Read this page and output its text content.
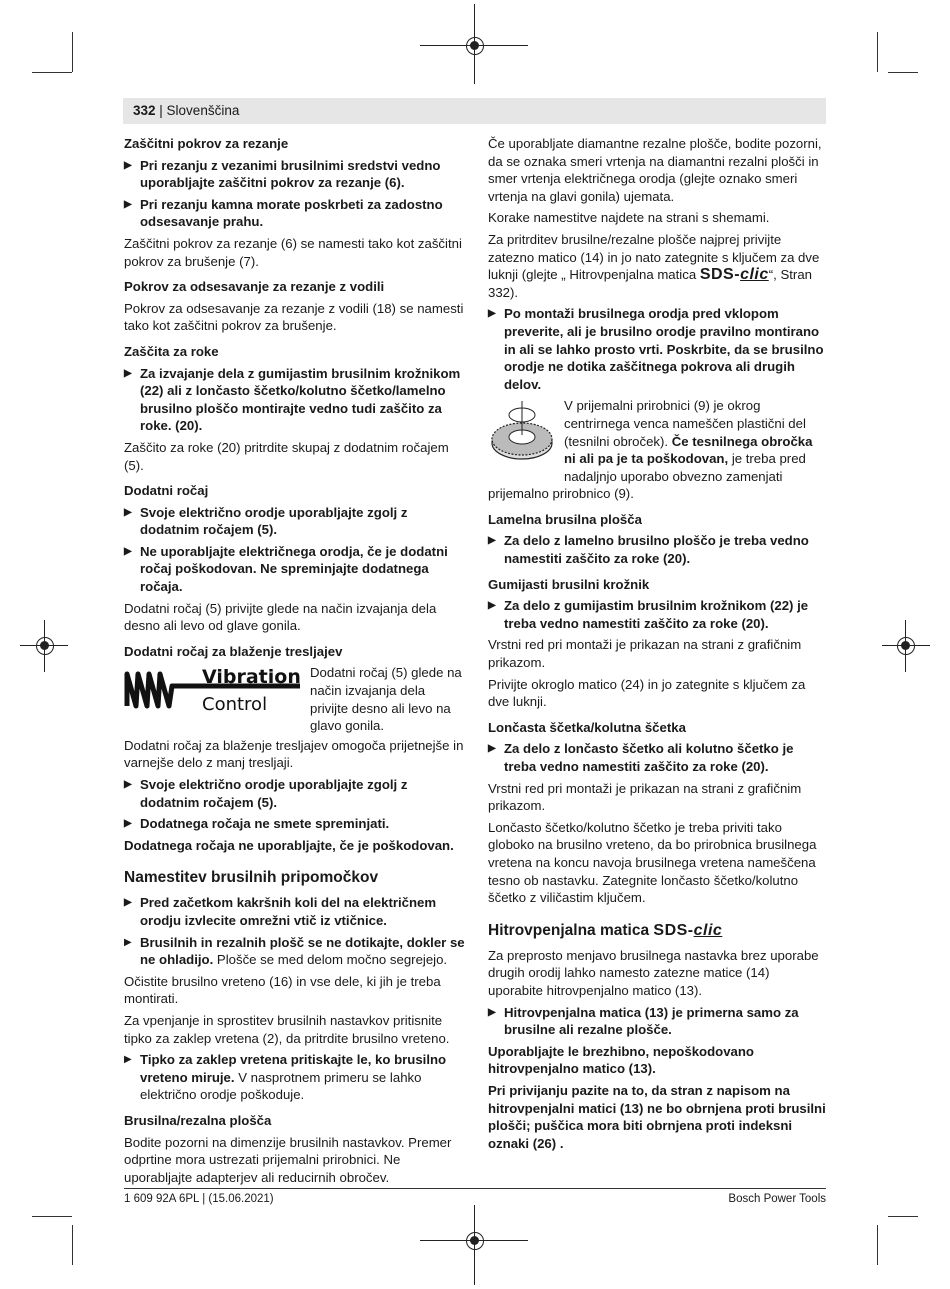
332 | Slovenščina
Zaščitni pokrov za rezanje
▶ Pri rezanju z vezanimi brusilnimi sredstvi vedno uporabljajte zaščitni pokrov za rezanje (6).
▶ Pri rezanju kamna morate poskrbeti za zadostno odsesavanje prahu.
Zaščitni pokrov za rezanje (6) se namesti tako kot zaščitni pokrov za brušenje (7).
Pokrov za odsesavanje za rezanje z vodili
Pokrov za odsesavanje za rezanje z vodili (18) se namesti tako kot zaščitni pokrov za brušenje.
Zaščita za roke
▶ Za izvajanje dela z gumijastim brusilnim krožnikom (22) ali z lončasto ščetko/kolutno ščetko/lamelno brusilno ploščo montirajte vedno tudi zaščito za roke. (20).
Zaščito za roke (20) pritrdite skupaj z dodatnim ročajem (5).
Dodatni ročaj
▶ Svoje električno orodje uporabljajte zgolj z dodatnim ročajem (5).
▶ Ne uporabljajte električnega orodja, če je dodatni ročaj poškodovan. Ne spreminjajte dodatnega ročaja.
Dodatni ročaj (5) privijte glede na način izvajanja dela desno ali levo od glave gonila.
Dodatni ročaj za blaženje tresljajev
Vibration
Control
Dodatni ročaj (5) glede na način izvajanja dela privijte desno ali levo na glavo gonila.
Dodatni ročaj za blaženje tresljajev omogoča prijetnejše in varnejše delo z manj tresljaji.
▶ Svoje električno orodje uporabljajte zgolj z dodatnim ročajem (5).
▶ Dodatnega ročaja ne smete spreminjati.
Dodatnega ročaja ne uporabljajte, če je poškodovan.
Namestitev brusilnih pripomočkov
▶ Pred začetkom kakršnih koli del na električnem orodju izvlecite omrežni vtič iz vtičnice.
▶ Brusilnih in rezalnih plošč se ne dotikajte, dokler se ne ohladijo. Plošče se med delom močno segrejejo.
Očistite brusilno vreteno (16) in vse dele, ki jih je treba montirati.
Za vpenjanje in sprostitev brusilnih nastavkov pritisnite tipko za zaklep vretena (2), da pritrdite brusilno vreteno.
▶ Tipko za zaklep vretena pritiskajte le, ko brusilno vreteno miruje. V nasprotnem primeru se lahko električno orodje poškoduje.
Brusilna/rezalna plošča
Bodite pozorni na dimenzije brusilnih nastavkov. Premer odprtine mora ustrezati prijemalni prirobnici. Ne uporabljajte adapterjev ali reducirnih obročev.
Če uporabljate diamantne rezalne plošče, bodite pozorni, da se oznaka smeri vrtenja na diamantni rezalni plošči in smer vrtenja električnega orodja (glejte oznako smeri vrtenja na glavi gonila) ujemata.
Korake namestitve najdete na strani s shemami.
Za pritrditev brusilne/rezalne plošče najprej privijte zatezno matico (14) in jo nato zategnite s ključem za dve luknji (glejte „ Hitrovpenjalna matica SDS-clic“, Stran 332).
▶ Po montaži brusilnega orodja pred vklopom preverite, ali je brusilno orodje pravilno montirano in ali se lahko prosto vrti. Poskrbite, da se brusilno orodje ne dotika zaščitnega pokrova ali drugih delov.
V prijemalni prirobnici (9) je okrog centrirnega venca nameščen plastični del (tesnilni obroček). Če tesnilnega obročka ni ali pa je ta poškodovan, je treba pred nadaljnjo uporabo obvezno zamenjati prijemalno prirobnico (9).
Lamelna brusilna plošča
▶ Za delo z lamelno brusilno ploščo je treba vedno namestiti zaščito za roke (20).
Gumijasti brusilni krožnik
▶ Za delo z gumijastim brusilnim krožnikom (22) je treba vedno namestiti zaščito za roke (20).
Vrstni red pri montaži je prikazan na strani z grafičnim prikazom.
Privijte okroglo matico (24) in jo zategnite s ključem za dve luknji.
Lončasta ščetka/kolutna ščetka
▶ Za delo z lončasto ščetko ali kolutno ščetko je treba vedno namestiti zaščito za roke (20).
Vrstni red pri montaži je prikazan na strani z grafičnim prikazom.
Lončasto ščetko/kolutno ščetko je treba priviti tako globoko na brusilno vreteno, da bo prirobnica brusilnega vretena na koncu navoja brusilnega vretena nameščena tesno ob nastavku. Zategnite lončasto ščetko/kolutno ščetko z viličastim ključem.
Hitrovpenjalna matica SDS-clic
Za preprosto menjavo brusilnega nastavka brez uporabe drugih orodij lahko namesto zatezne matice (14) uporabite hitrovpenjalno matico (13).
▶ Hitrovpenjalna matica (13) je primerna samo za brusilne ali rezalne plošče.
Uporabljajte le brezhibno, nepoškodovano hitrovpenjalno matico (13).
Pri privijanju pazite na to, da stran z napisom na hitrovpenjalni matici (13) ne bo obrnjena proti brusilni plošči; puščica mora biti obrnjena proti indeksni oznaki (26) .
1 609 92A 6PL | (15.06.2021)	Bosch Power Tools
